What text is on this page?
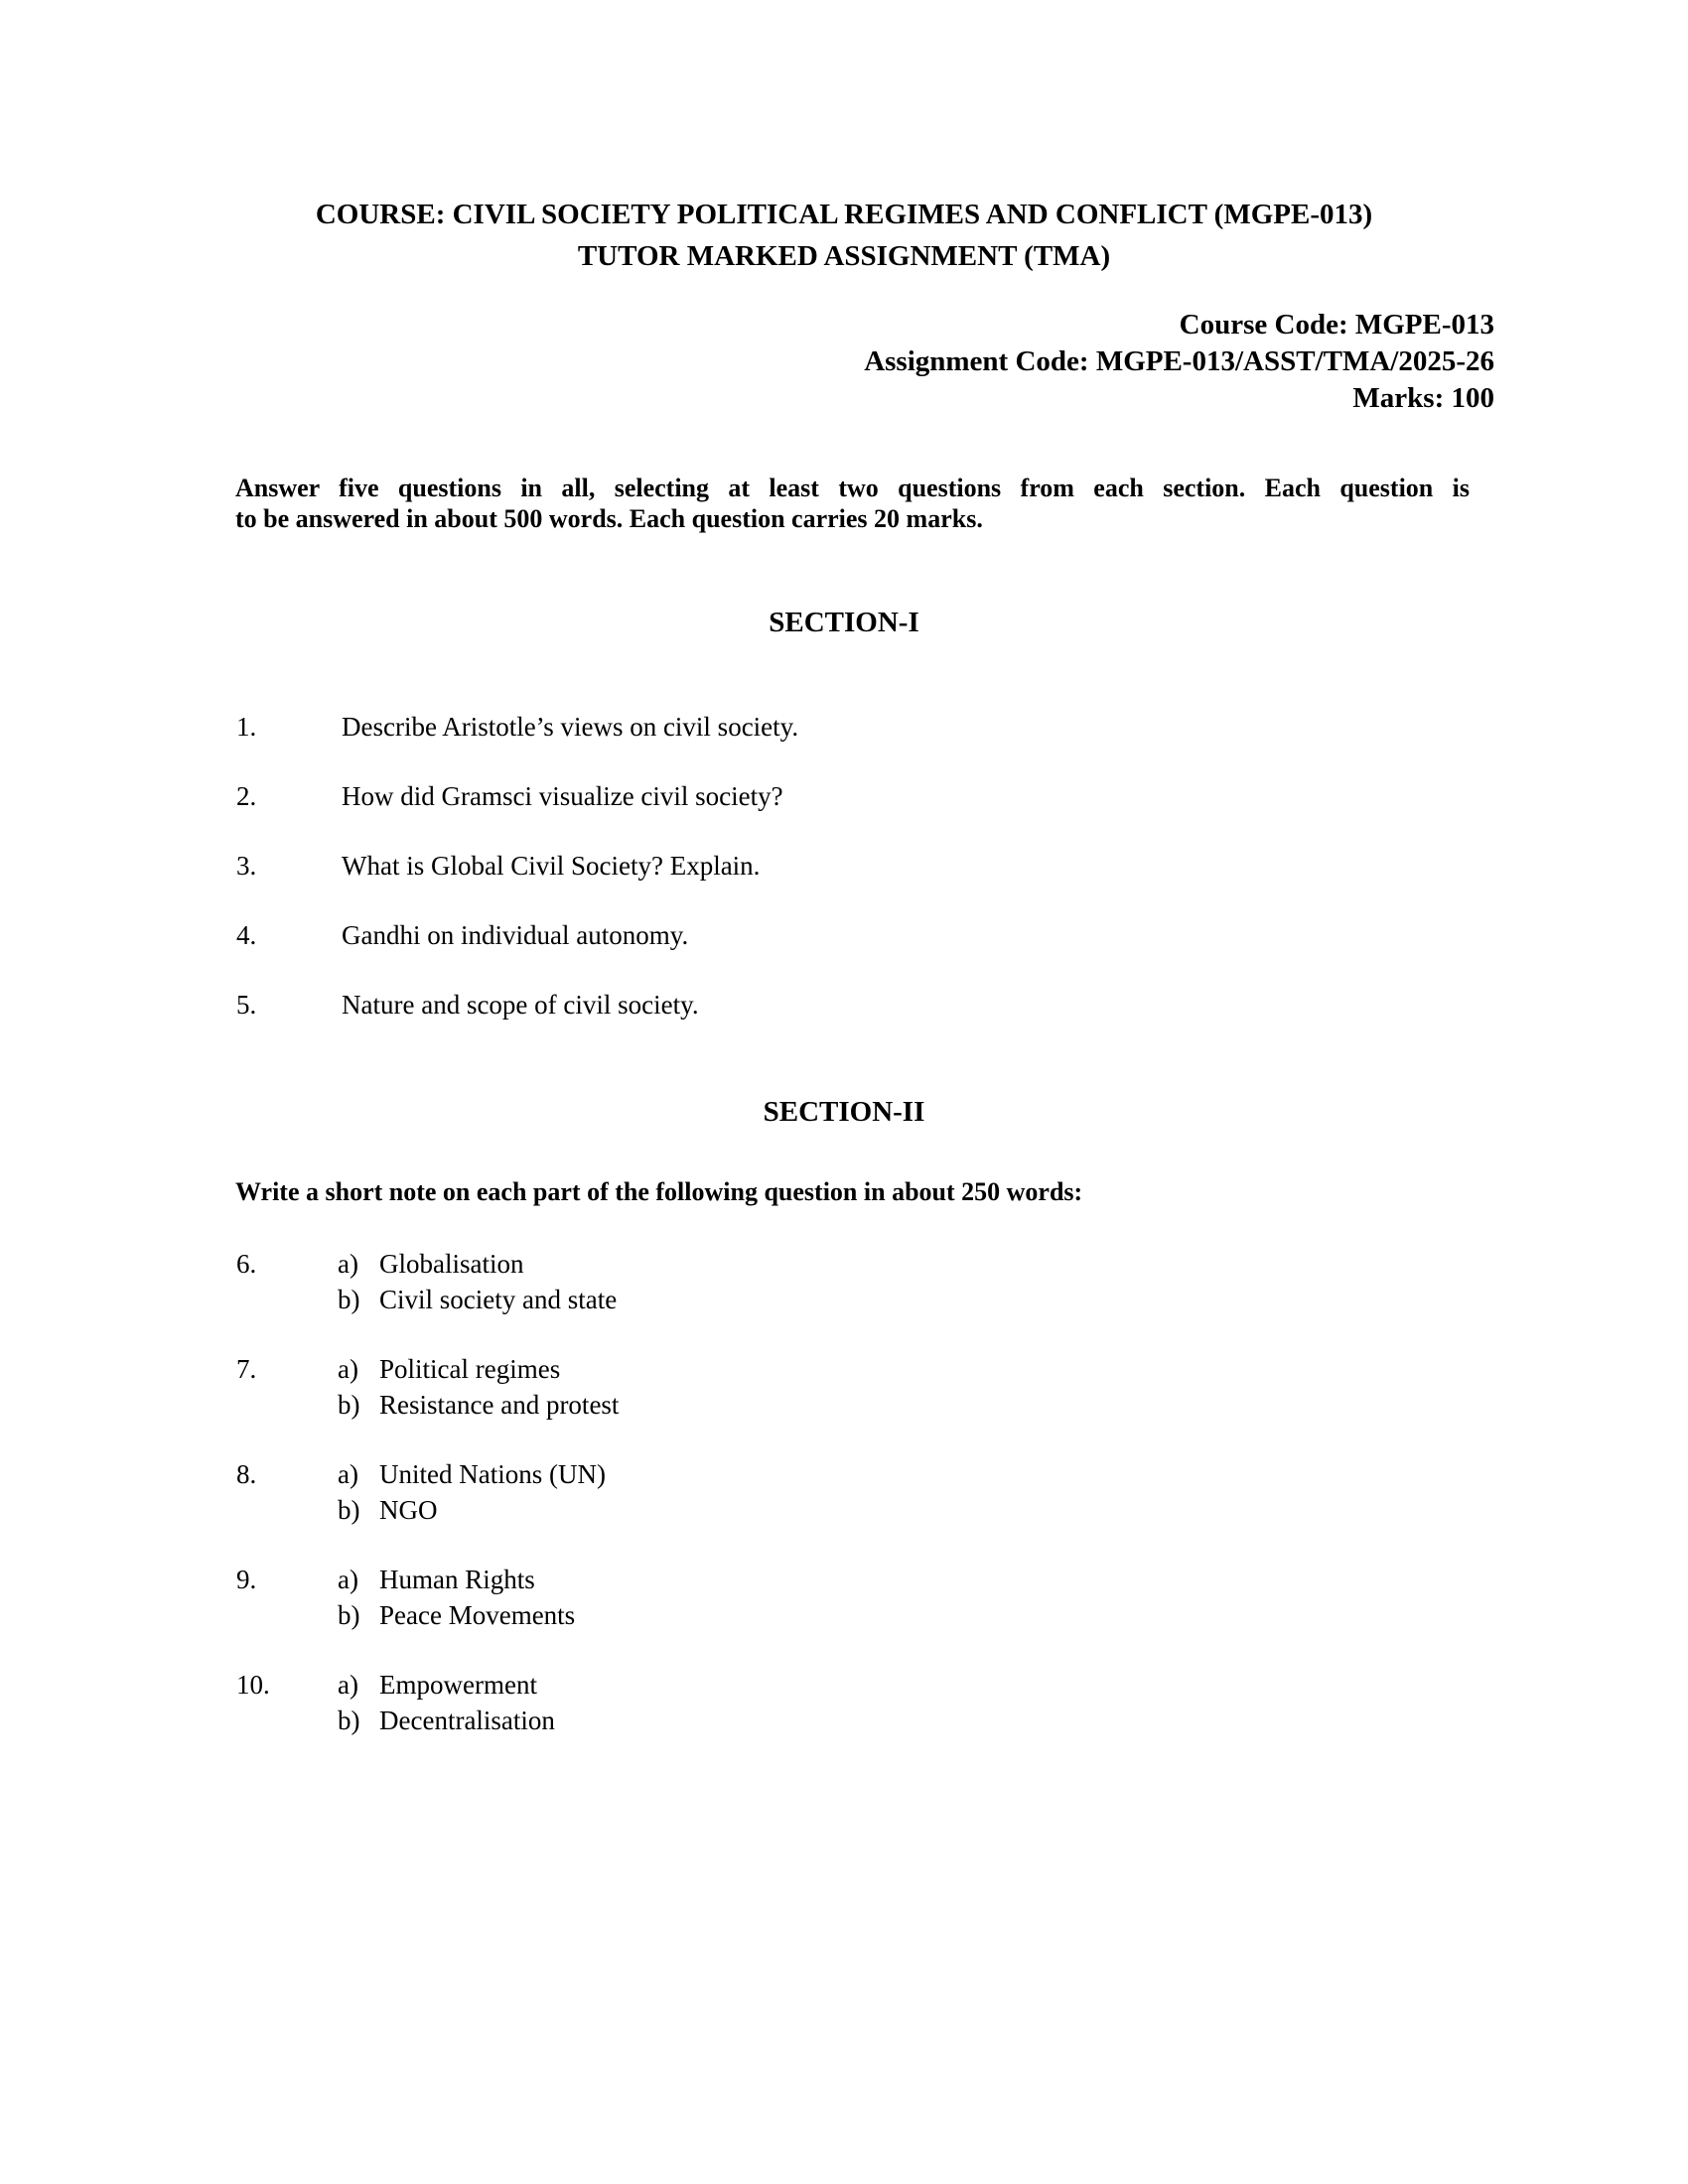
COURSE: CIVIL SOCIETY POLITICAL REGIMES AND CONFLICT (MGPE-013)
TUTOR MARKED ASSIGNMENT (TMA)
Course Code: MGPE-013
Assignment Code: MGPE-013/ASST/TMA/2025-26
Marks: 100
Answer five questions in all, selecting at least two questions from each section. Each question is
to be answered in about 500 words. Each question carries 20 marks.
SECTION-I
1.	Describe Aristotle’s views on civil society.
2.	How did Gramsci visualize civil society?
3.	What is Global Civil Society? Explain.
4.	Gandhi on individual autonomy.
5.	Nature and scope of civil society.
SECTION-II
Write a short note on each part of the following question in about 250 words:
6.	a) Globalisation
b) Civil society and state
7.	a) Political regimes
b) Resistance and protest
8.	a) United Nations (UN)
b) NGO
9.	a) Human Rights
b) Peace Movements
10.	a) Empowerment
b) Decentralisation
